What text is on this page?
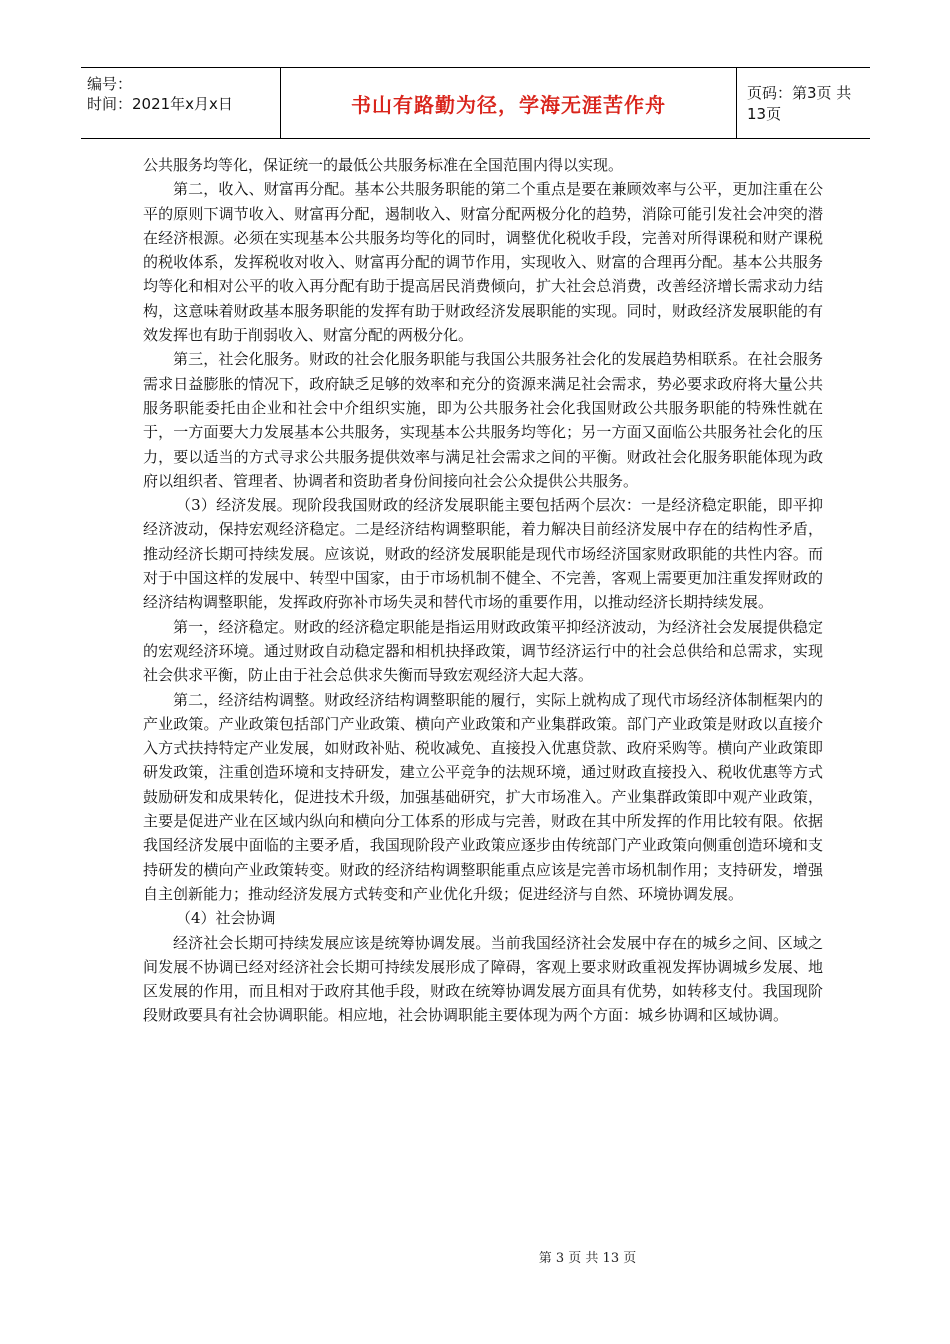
编号：
时间：2021年x月x日	书山有路勤为径，学海无涯苦作舟	页码：第3页 共13页

公共服务均等化，保证统一的最低公共服务标准在全国范围内得以实现。

第二，收入、财富再分配。基本公共服务职能的第二个重点是要在兼顾效率与公平，更加注重在公平的原则下调节收入、财富再分配，遏制收入、财富分配两极分化的趋势，消除可能引发社会冲突的潜在经济根源。必须在实现基本公共服务均等化的同时，调整优化税收手段，完善对所得课税和财产课税的税收体系，发挥税收对收入、财富再分配的调节作用，实现收入、财富的合理再分配。基本公共服务均等化和相对公平的收入再分配有助于提高居民消费倾向，扩大社会总消费，改善经济增长需求动力结构，这意味着财政基本服务职能的发挥有助于财政经济发展职能的实现。同时，财政经济发展职能的有效发挥也有助于削弱收入、财富分配的两极分化。

第三，社会化服务。财政的社会化服务职能与我国公共服务社会化的发展趋势相联系。在社会服务需求日益膨胀的情况下，政府缺乏足够的效率和充分的资源来满足社会需求，势必要求政府将大量公共服务职能委托由企业和社会中介组织实施，即为公共服务社会化我国财政公共服务职能的特殊性就在于，一方面要大力发展基本公共服务，实现基本公共服务均等化；另一方面又面临公共服务社会化的压力，要以适当的方式寻求公共服务提供效率与满足社会需求之间的平衡。财政社会化服务职能体现为政府以组织者、管理者、协调者和资助者身份间接向社会公众提供公共服务。

（3）经济发展。现阶段我国财政的经济发展职能主要包括两个层次：一是经济稳定职能，即平抑经济波动，保持宏观经济稳定。二是经济结构调整职能，着力解决目前经济发展中存在的结构性矛盾，推动经济长期可持续发展。应该说，财政的经济发展职能是现代市场经济国家财政职能的共性内容。而对于中国这样的发展中、转型中国家，由于市场机制不健全、不完善，客观上需要更加注重发挥财政的经济结构调整职能，发挥政府弥补市场失灵和替代市场的重要作用，以推动经济长期持续发展。

第一，经济稳定。财政的经济稳定职能是指运用财政政策平抑经济波动，为经济社会发展提供稳定的宏观经济环境。通过财政自动稳定器和相机抉择政策，调节经济运行中的社会总供给和总需求，实现社会供求平衡，防止由于社会总供求失衡而导致宏观经济大起大落。

第二，经济结构调整。财政经济结构调整职能的履行，实际上就构成了现代市场经济体制框架内的产业政策。产业政策包括部门产业政策、横向产业政策和产业集群政策。部门产业政策是财政以直接介入方式扶持特定产业发展，如财政补贴、税收减免、直接投入优惠贷款、政府采购等。横向产业政策即研发政策，注重创造环境和支持研发，建立公平竞争的法规环境，通过财政直接投入、税收优惠等方式鼓励研发和成果转化，促进技术升级，加强基础研究，扩大市场准入。产业集群政策即中观产业政策，主要是促进产业在区域内纵向和横向分工体系的形成与完善，财政在其中所发挥的作用比较有限。依据我国经济发展中面临的主要矛盾，我国现阶段产业政策应逐步由传统部门产业政策向侧重创造环境和支持研发的横向产业政策转变。财政的经济结构调整职能重点应该是完善市场机制作用；支持研发，增强自主创新能力；推动经济发展方式转变和产业优化升级；促进经济与自然、环境协调发展。

（4）社会协调

经济社会长期可持续发展应该是统筹协调发展。当前我国经济社会发展中存在的城乡之间、区域之间发展不协调已经对经济社会长期可持续发展形成了障碍，客观上要求财政重视发挥协调城乡发展、地区发展的作用，而且相对于政府其他手段，财政在统筹协调发展方面具有优势，如转移支付。我国现阶段财政要具有社会协调职能。相应地，社会协调职能主要体现为两个方面：城乡协调和区域协调。

第 3 页 共 13 页
